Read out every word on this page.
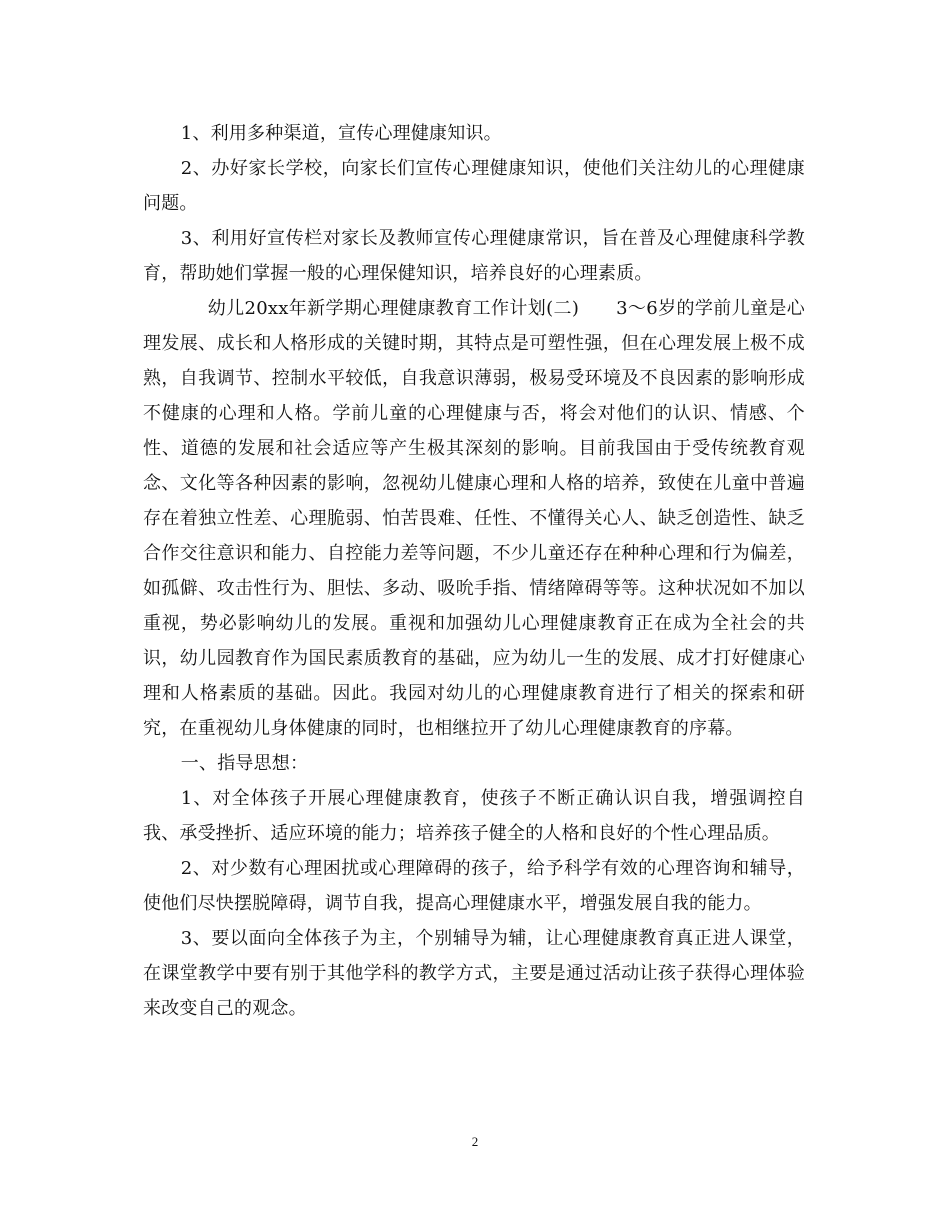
1、利用多种渠道，宣传心理健康知识。

2、办好家长学校，向家长们宣传心理健康知识，使他们关注幼儿的心理健康问题。

3、利用好宣传栏对家长及教师宣传心理健康常识，旨在普及心理健康科学教育，帮助她们掌握一般的心理保健知识，培养良好的心理素质。

幼儿20xx年新学期心理健康教育工作计划(二)　　3～6岁的学前儿童是心理发展、成长和人格形成的关键时期，其特点是可塑性强，但在心理发展上极不成熟，自我调节、控制水平较低，自我意识薄弱，极易受环境及不良因素的影响形成不健康的心理和人格。学前儿童的心理健康与否，将会对他们的认识、情感、个性、道德的发展和社会适应等产生极其深刻的影响。目前我国由于受传统教育观念、文化等各种因素的影响，忽视幼儿健康心理和人格的培养，致使在儿童中普遍存在着独立性差、心理脆弱、怕苦畏难、任性、不懂得关心人、缺乏创造性、缺乏合作交往意识和能力、自控能力差等问题，不少儿童还存在种种心理和行为偏差，如孤僻、攻击性行为、胆怯、多动、吸吮手指、情绪障碍等等。这种状况如不加以重视，势必影响幼儿的发展。重视和加强幼儿心理健康教育正在成为全社会的共识，幼儿园教育作为国民素质教育的基础，应为幼儿一生的发展、成才打好健康心理和人格素质的基础。因此。我园对幼儿的心理健康教育进行了相关的探索和研究，在重视幼儿身体健康的同时，也相继拉开了幼儿心理健康教育的序幕。

一、指导思想：

1、对全体孩子开展心理健康教育，使孩子不断正确认识自我，增强调控自我、承受挫折、适应环境的能力；培养孩子健全的人格和良好的个性心理品质。

2、对少数有心理困扰或心理障碍的孩子，给予科学有效的心理咨询和辅导，使他们尽快摆脱障碍，调节自我，提高心理健康水平，增强发展自我的能力。

3、要以面向全体孩子为主，个别辅导为辅，让心理健康教育真正进人课堂，在课堂教学中要有别于其他学科的教学方式，主要是通过活动让孩子获得心理体验来改变自己的观念。

2
